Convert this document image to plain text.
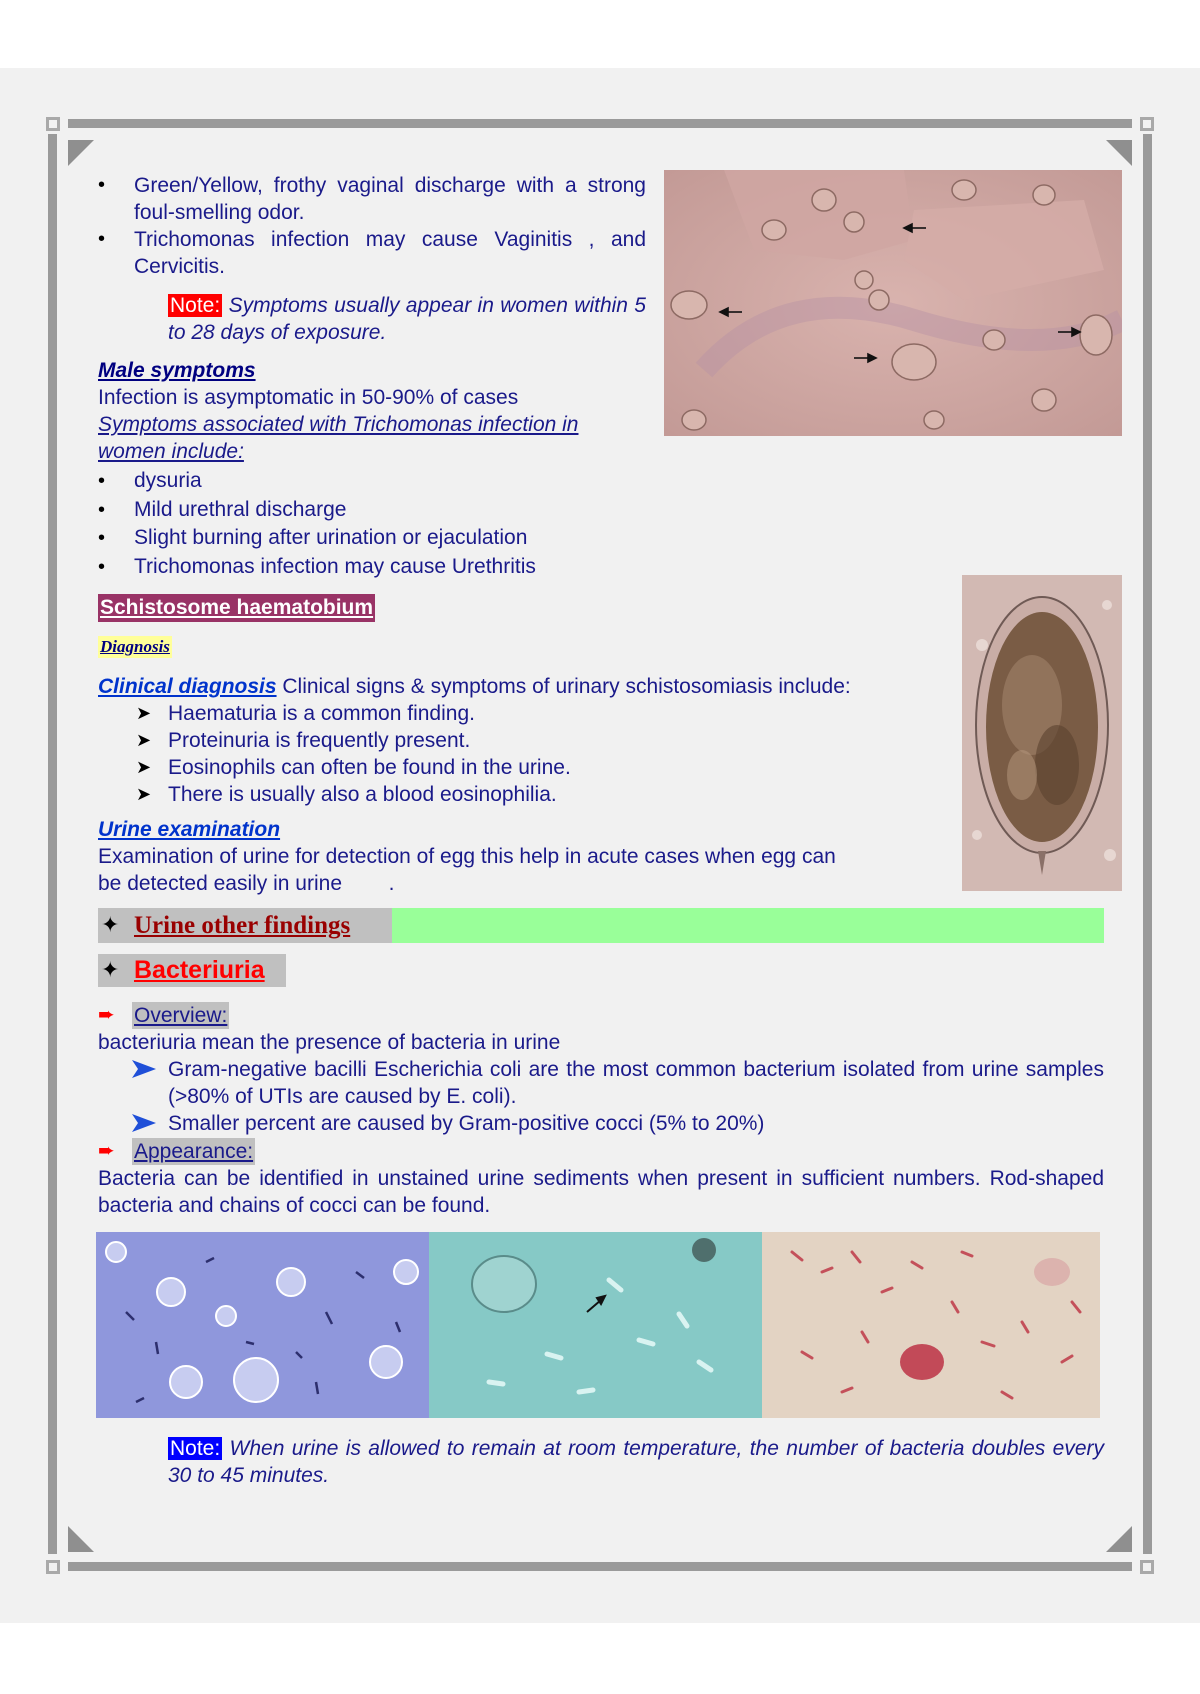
• Green/Yellow, frothy vaginal discharge with a strong foul-smelling odor.
• Trichomonas infection may cause Vaginitis , and Cervicitis.
Note: Symptoms usually appear in women within 5 to 28 days of exposure.
Male symptoms
Infection is asymptomatic in 50-90% of cases
Symptoms associated with Trichomonas infection in women include:
• dysuria
• Mild urethral discharge
• Slight burning after urination or ejaculation
• Trichomonas infection may cause Urethritis
Schistosome haematobium
Diagnosis
Clinical diagnosis Clinical signs & symptoms of urinary schistosomiasis include:
➤ Haematuria is a common finding.
➤ Proteinuria is frequently present.
➤ Eosinophils can often be found in the urine.
➤ There is usually also a blood eosinophilia.
Urine examination
Examination of urine for detection of egg this help in acute cases when egg can
be detected easily in urine        .
✦ Urine other findings
✦ Bacteriuria
➨ Overview:
bacteriuria mean the presence of bacteria in urine
Gram-negative bacilli Escherichia coli are the most common bacterium isolated from urine samples (>80% of UTIs are caused by E. coli).
Smaller percent are caused by Gram-positive cocci (5% to 20%)
➨ Appearance:
Bacteria can be identified in unstained urine sediments when present in sufficient numbers. Rod-shaped bacteria and chains of cocci can be found.
Note: When urine is allowed to remain at room temperature, the number of bacteria doubles every 30 to 45 minutes.
